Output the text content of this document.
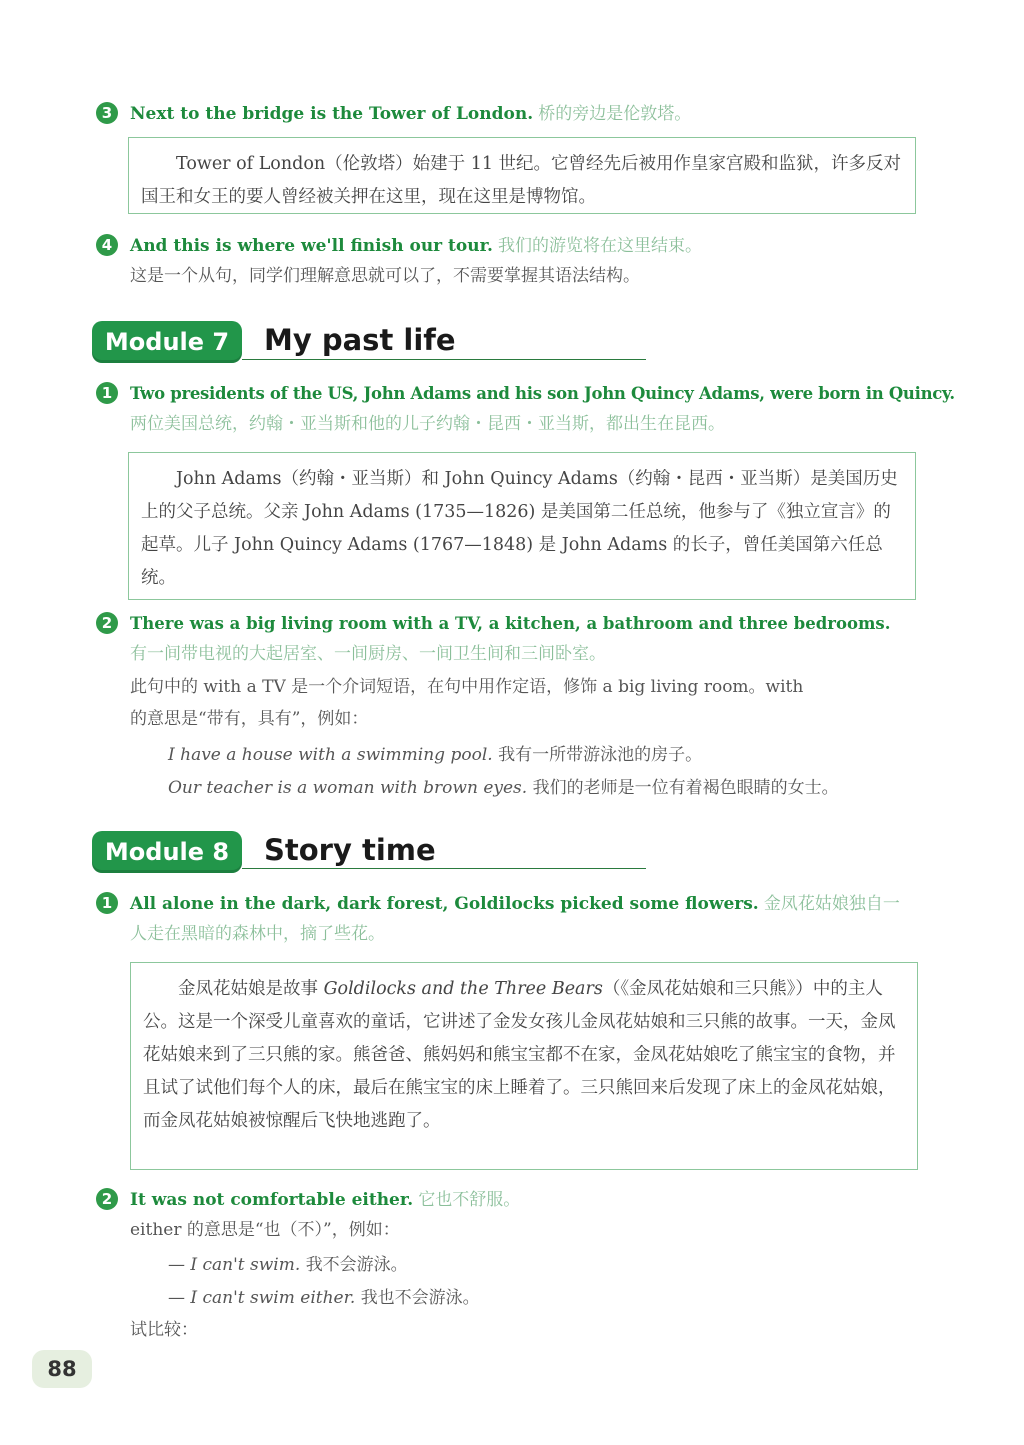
3	Next to the bridge is the Tower of London. 桥的旁边是伦敦塔。

Tower of London（伦敦塔）始建于 11 世纪。它曾经先后被用作皇家宫殿和监狱，许多反对国王和女王的要人曾经被关押在这里，现在这里是博物馆。

4	And this is where we'll finish our tour. 我们的游览将在这里结束。
这是一个从句，同学们理解意思就可以了，不需要掌握其语法结构。
Module 7	My past life
1	Two presidents of the US, John Adams and his son John Quincy Adams, were born in Quincy.
两位美国总统，约翰・亚当斯和他的儿子约翰・昆西・亚当斯，都出生在昆西。

John Adams（约翰・亚当斯）和 John Quincy Adams（约翰・昆西・亚当斯）是美国历史上的父子总统。父亲 John Adams (1735—1826) 是美国第二任总统，他参与了《独立宣言》的起草。儿子 John Quincy Adams (1767—1848) 是 John Adams 的长子，曾任美国第六任总统。

2	There was a big living room with a TV, a kitchen, a bathroom and three bedrooms.
有一间带电视的大起居室、一间厨房、一间卫生间和三间卧室。
此句中的 with a TV 是一个介词短语，在句中用作定语，修饰 a big living room。with
的意思是“带有，具有”，例如：
I have a house with a swimming pool. 我有一所带游泳池的房子。
Our teacher is a woman with brown eyes. 我们的老师是一位有着褐色眼睛的女士。
Module 8	Story time
1	All alone in the dark, dark forest, Goldilocks picked some flowers. 金凤花姑娘独自一
人走在黑暗的森林中，摘了些花。

金凤花姑娘是故事 Goldilocks and the Three Bears（《金凤花姑娘和三只熊》）中的主人公。这是一个深受儿童喜欢的童话，它讲述了金发女孩儿金凤花姑娘和三只熊的故事。一天，金凤花姑娘来到了三只熊的家。熊爸爸、熊妈妈和熊宝宝都不在家，金凤花姑娘吃了熊宝宝的食物，并且试了试他们每个人的床，最后在熊宝宝的床上睡着了。三只熊回来后发现了床上的金凤花姑娘，而金凤花姑娘被惊醒后飞快地逃跑了。

2	It was not comfortable either. 它也不舒服。
either 的意思是“也（不）”，例如：
— I can't swim. 我不会游泳。
— I can't swim either. 我也不会游泳。
试比较：
88
